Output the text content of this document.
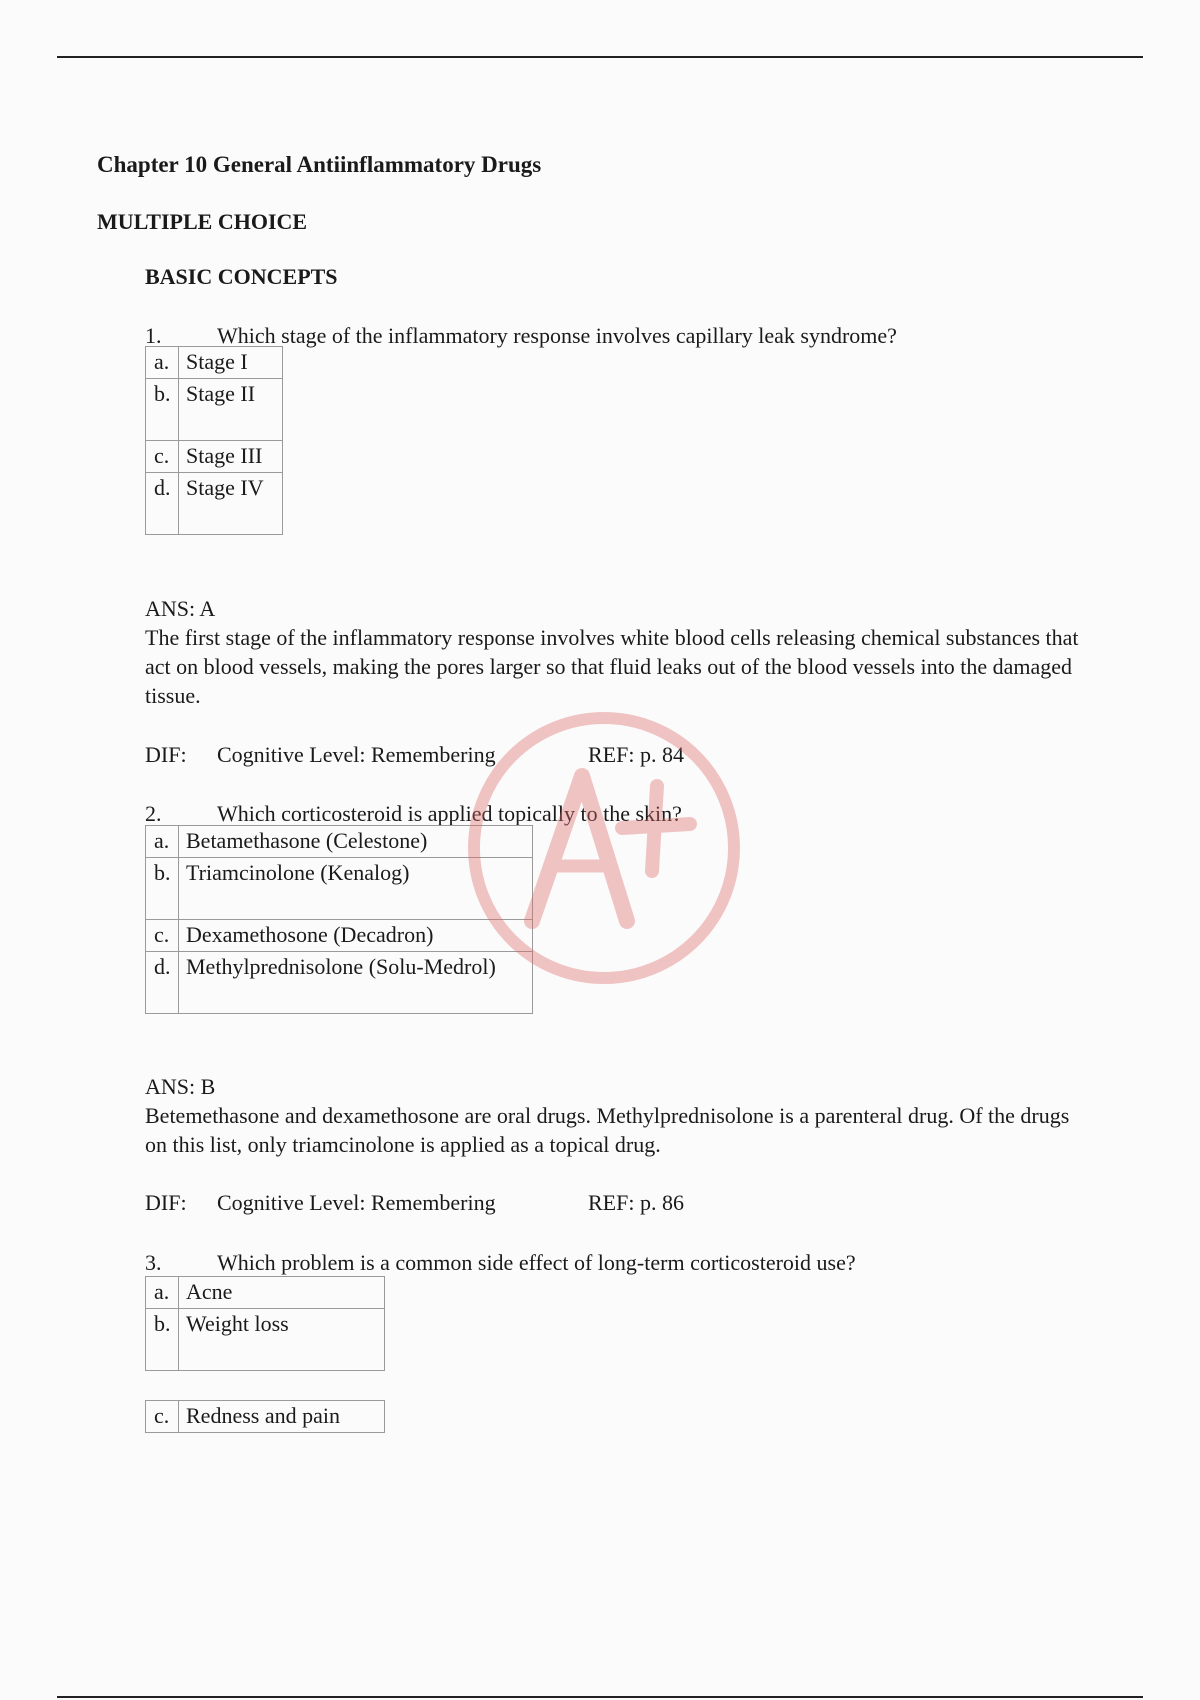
Chapter 10 General Antiinflammatory Drugs
MULTIPLE CHOICE
BASIC CONCEPTS
1.	Which stage of the inflammatory response involves capillary leak syndrome?
a.	Stage I
b.	Stage II
c.	Stage III
d.	Stage IV
ANS: A
The first stage of the inflammatory response involves white blood cells releasing chemical substances that act on blood vessels, making the pores larger so that fluid leaks out of the blood vessels into the damaged tissue.
DIF: Cognitive Level: Remembering	REF: p. 84
2.	Which corticosteroid is applied topically to the skin?
a.	Betamethasone (Celestone)
b.	Triamcinolone (Kenalog)
c.	Dexamethosone (Decadron)
d.	Methylprednisolone (Solu-Medrol)
ANS: B
Betemethasone and dexamethosone are oral drugs. Methylprednisolone is a parenteral drug. Of the drugs on this list, only triamcinolone is applied as a topical drug.
DIF: Cognitive Level: Remembering	REF: p. 86
3.	Which problem is a common side effect of long-term corticosteroid use?
a.	Acne
b.	Weight loss
c.	Redness and pain
